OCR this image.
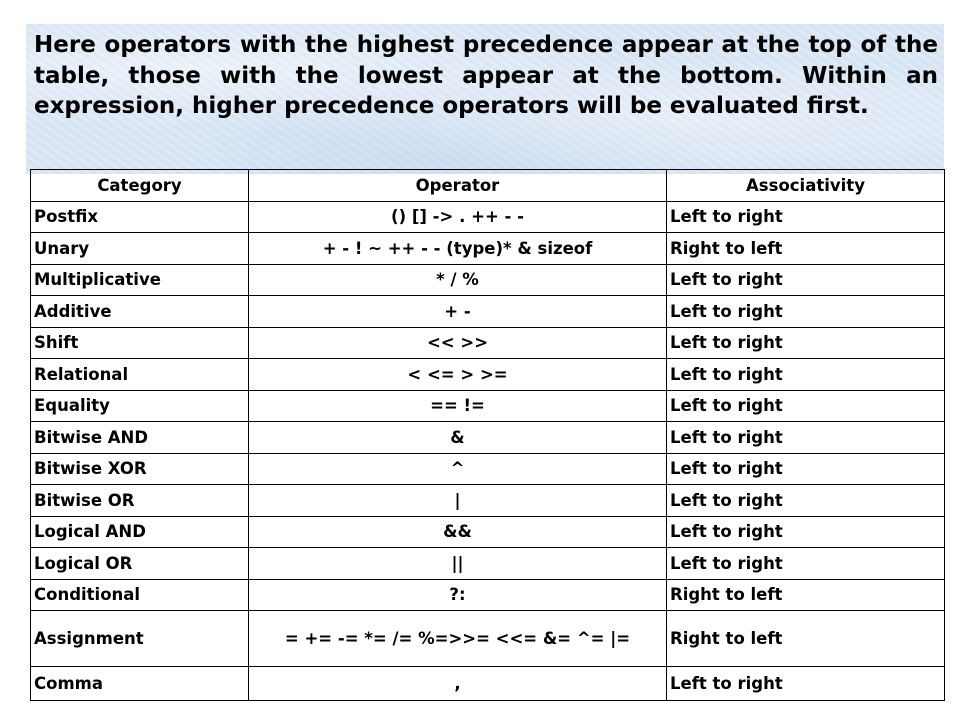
Here operators with the highest precedence appear at the top of the table, those with the lowest appear at the bottom. Within an expression, higher precedence operators will be evaluated first.

Category	Operator	Associativity
Postfix	() [] -> . ++ - -	Left to right
Unary	+ - ! ~ ++ - - (type)* & sizeof	Right to left
Multiplicative	* / %	Left to right
Additive	+ -	Left to right
Shift	<< >>	Left to right
Relational	< <= > >=	Left to right
Equality	== !=	Left to right
Bitwise AND	&	Left to right
Bitwise XOR	^	Left to right
Bitwise OR	|	Left to right
Logical AND	&&	Left to right
Logical OR	||	Left to right
Conditional	?:	Right to left
Assignment	= += -= *= /= %=>>= <<= &= ^= |=	Right to left
Comma	,	Left to right
